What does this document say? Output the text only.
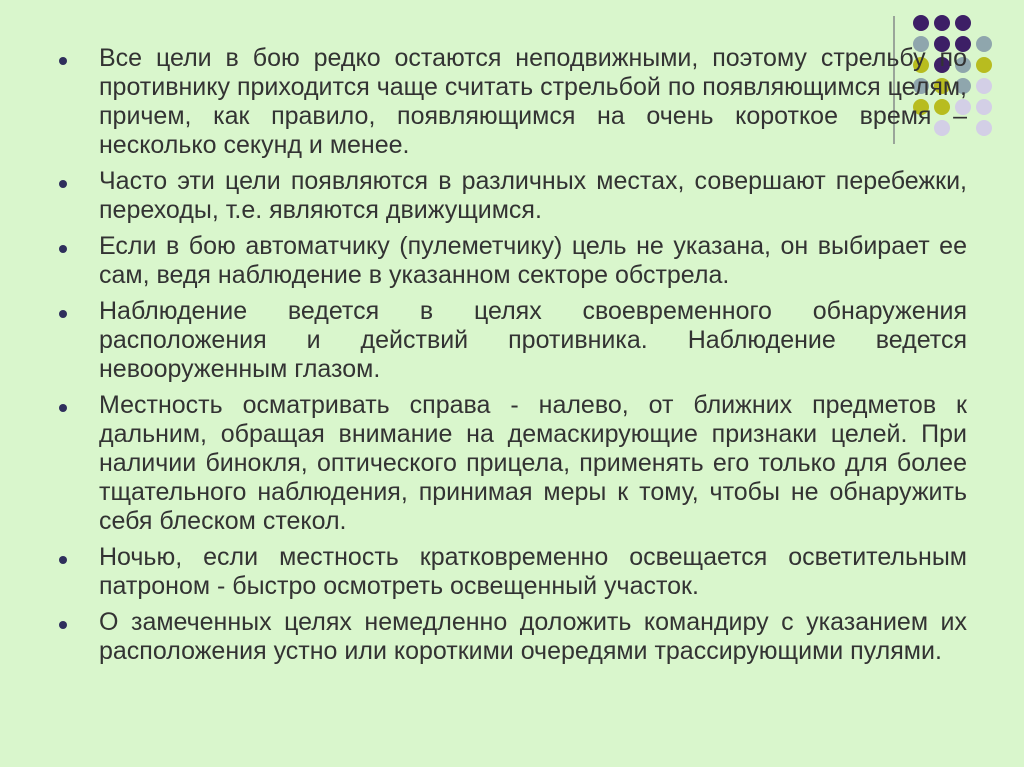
Все цели в бою редко остаются неподвижными, поэтому стрельбу по противнику приходится чаще считать стрельбой по появляющимся целям, причем, как правило, появляющимся на очень короткое время – несколько секунд и менее.
Часто эти цели появляются в различных местах, совершают перебежки, переходы, т.е. являются движущимся.
Если в бою автоматчику (пулеметчику) цель не указана, он выбирает ее сам, ведя наблюдение в указанном секторе обстрела.
Наблюдение ведется в целях своевременного обнаружения расположения и действий противника. Наблюдение ведется невооруженным глазом.
Местность осматривать справа - налево, от ближних предметов к дальним, обращая внимание на демаскирующие признаки целей. При наличии бинокля, оптического прицела, применять его только для более тщательного наблюдения, принимая меры к тому, чтобы не обнаружить себя блеском стекол.
Ночью, если местность кратковременно освещается осветительным патроном - быстро осмотреть освещенный участок.
О замеченных целях немедленно доложить командиру с указанием их расположения устно или короткими очередями трассирующими пулями.
